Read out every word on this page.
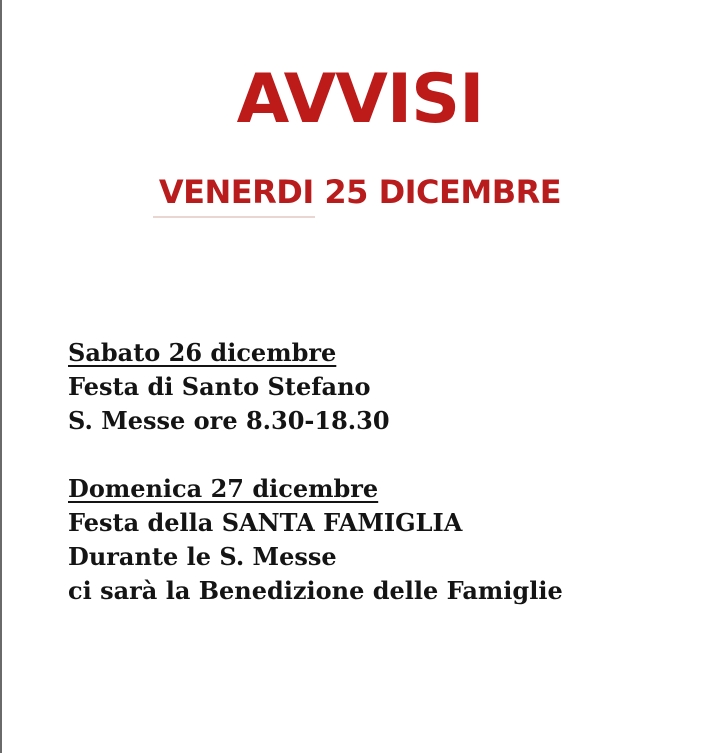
AVVISI
VENERDI 25 DICEMBRE
Sabato 26 dicembre
Festa di Santo Stefano
S. Messe ore 8.30-18.30
Domenica 27 dicembre
Festa della SANTA FAMIGLIA
Durante le S. Messe
ci sarà la Benedizione delle Famiglie
